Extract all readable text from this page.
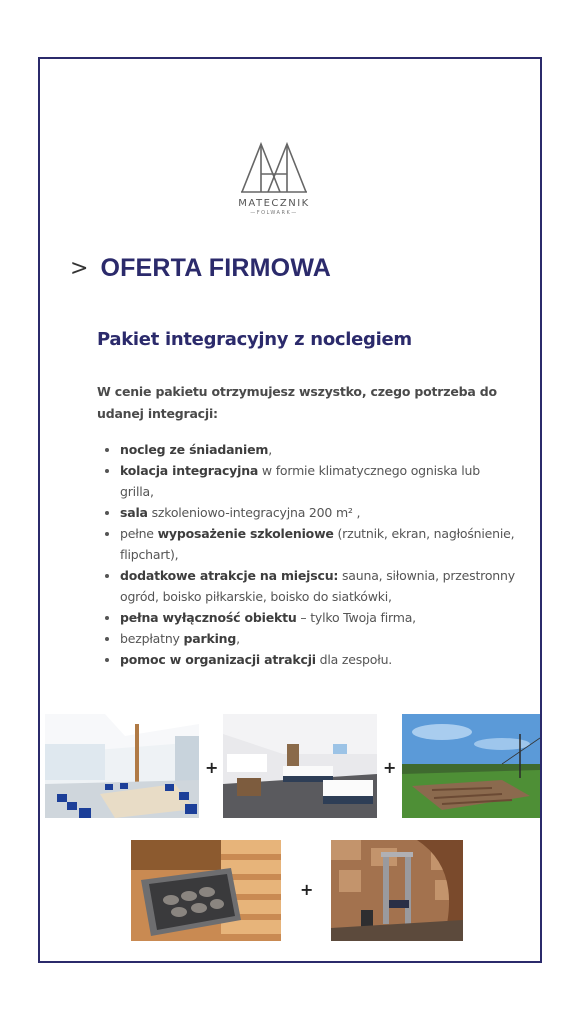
MATECZNIK
—FOLWARK—
> OFERTA FIRMOWA
Pakiet integracyjny z noclegiem
W cenie pakietu otrzymujesz wszystko, czego potrzeba do udanej integracji:
• nocleg ze śniadaniem,
• kolacja integracyjna w formie klimatycznego ogniska lub grilla,
• sala szkoleniowo-integracyjna 200 m² ,
• pełne wyposażenie szkoleniowe (rzutnik, ekran, nagłośnienie, flipchart),
• dodatkowe atrakcje na miejscu: sauna, siłownia, przestronny ogród, boisko piłkarskie, boisko do siatkówki,
• pełna wyłączność obiektu – tylko Twoja firma,
• bezpłatny parking,
• pomoc w organizacji atrakcji dla zespołu.
+	+
+
